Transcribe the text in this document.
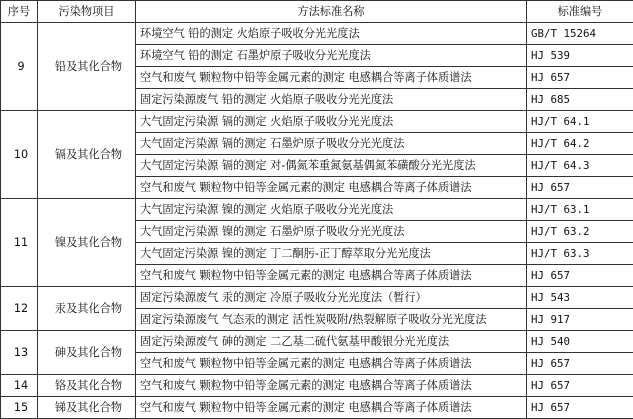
序号	污染物项目	方法标准名称	标准编号
9	铅及其化合物	环境空气 铅的测定 火焰原子吸收分光光度法	GB/T 15264
		环境空气 铅的测定 石墨炉原子吸收分光光度法	HJ 539
		空气和废气 颗粒物中铅等金属元素的测定 电感耦合等离子体质谱法	HJ 657
		固定污染源废气 铅的测定 火焰原子吸收分光光度法	HJ 685
10	镉及其化合物	大气固定污染源 镉的测定 火焰原子吸收分光光度法	HJ/T 64.1
		大气固定污染源 镉的测定 石墨炉原子吸收分光光度法	HJ/T 64.2
		大气固定污染源 镉的测定 对-偶氮苯重氮氨基偶氮苯磺酸分光光度法	HJ/T 64.3
		空气和废气 颗粒物中铅等金属元素的测定 电感耦合等离子体质谱法	HJ 657
11	镍及其化合物	大气固定污染源 镍的测定 火焰原子吸收分光光度法	HJ/T 63.1
		大气固定污染源 镍的测定 石墨炉原子吸收分光光度法	HJ/T 63.2
		大气固定污染源 镍的测定 丁二酮肟-正丁醇萃取分光光度法	HJ/T 63.3
		空气和废气 颗粒物中铅等金属元素的测定 电感耦合等离子体质谱法	HJ 657
12	汞及其化合物	固定污染源废气 汞的测定 冷原子吸收分光光度法（暂行）	HJ 543
		固定污染源废气 气态汞的测定 活性炭吸附/热裂解原子吸收分光光度法	HJ 917
13	砷及其化合物	固定污染源废气 砷的测定 二乙基二硫代氨基甲酸银分光光度法	HJ 540
		空气和废气 颗粒物中铅等金属元素的测定 电感耦合等离子体质谱法	HJ 657
14	铬及其化合物	空气和废气 颗粒物中铅等金属元素的测定 电感耦合等离子体质谱法	HJ 657
15	锑及其化合物	空气和废气 颗粒物中铅等金属元素的测定 电感耦合等离子体质谱法	HJ 657
